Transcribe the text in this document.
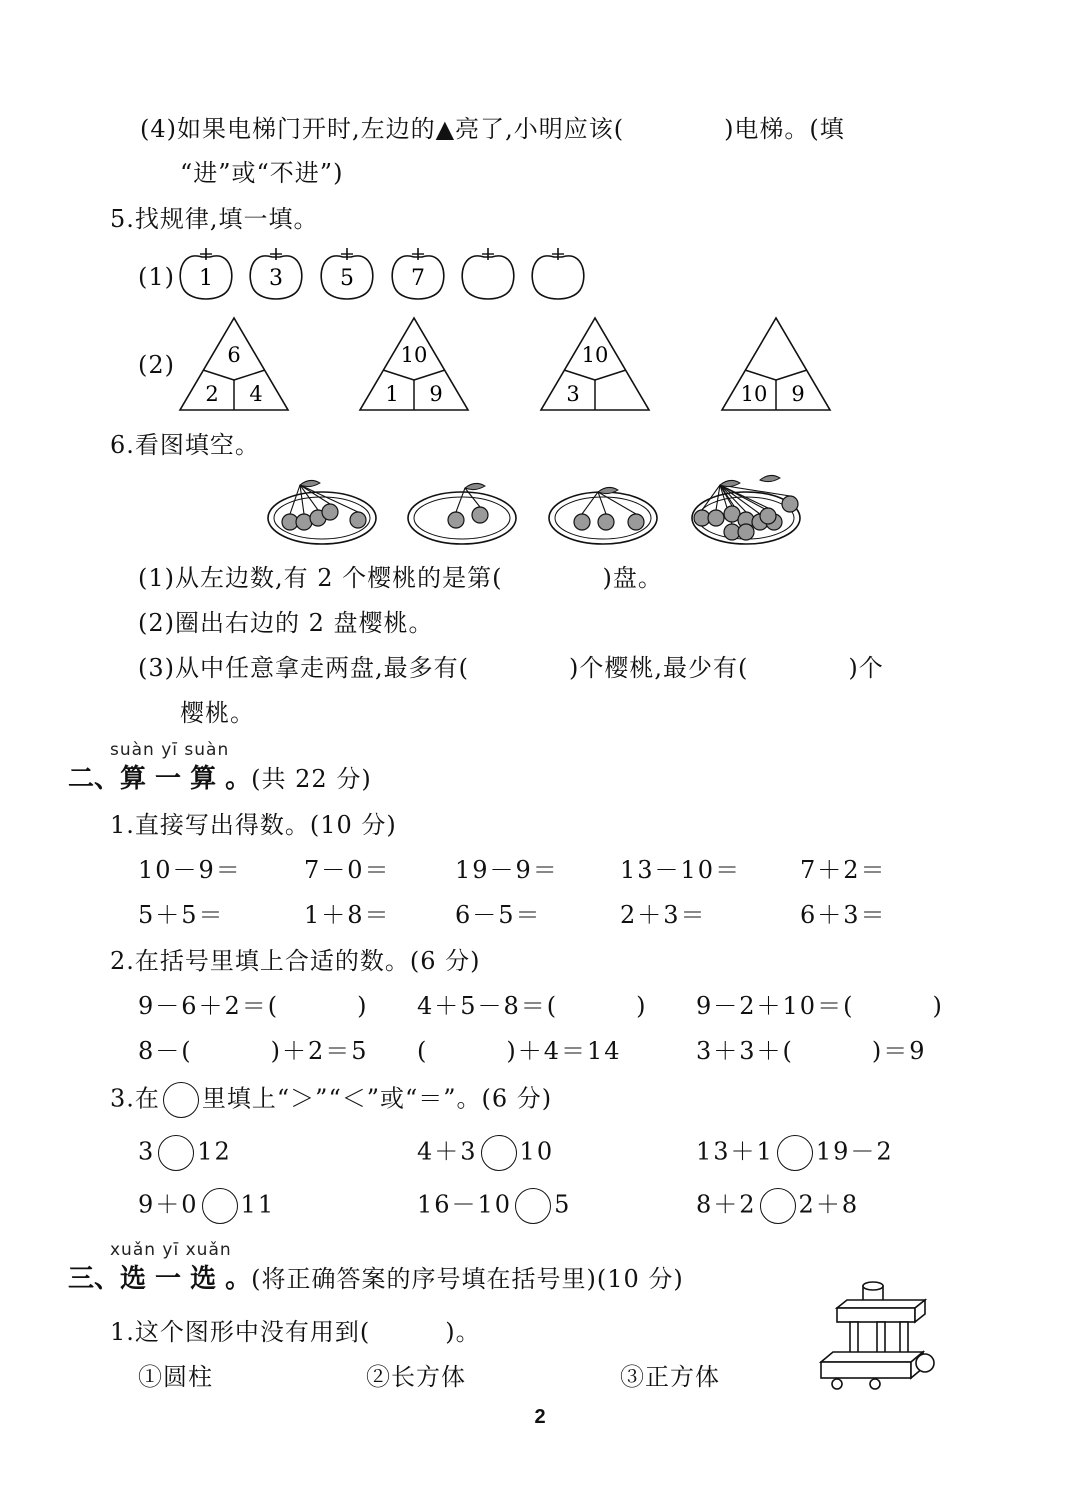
(4)如果电梯门开时,左边的▲亮了,小明应该(　　　　)电梯。(填
“进”或“不进”)
5.找规律,填一填。
(1) 1	3	5	7
(2) 6
2 4
10
1 9
10
3	10 9
6.看图填空。
(1)从左边数,有 2 个樱桃的是第(　　　　)盘。
(2)圈出右边的 2 盘樱桃。
(3)从中任意拿走两盘,最多有(　　　　)个樱桃,最少有(　　　　)个
樱桃。
suàn yī suàn
二、算 一 算 。(共 22 分)
1.直接写出得数。(10 分)
10－9＝	7－0＝	19－9＝	13－10＝ 7＋2＝
5＋5＝	1＋8＝	6－5＝	2＋3＝	6＋3＝
2.在括号里填上合适的数。(6 分)
9－6＋2＝(　　　) 4＋5－8＝(　　　) 9－2＋10＝(　　　)
8－(　　　)＋2＝5 (　　　)＋4＝14	3＋3＋(　　　)＝9
3.在 里填上“＞”“＜”或“＝”。(6 分)
3 12	4＋3 10	13＋1 19－2
9＋0 11	16－10 5	8＋2 2＋8
xuǎn yī xuǎn
三、选 一 选 。(将正确答案的序号填在括号里)(10 分)
1.这个图形中没有用到(　　　)。
①圆柱	②长方体	③正方体
2
